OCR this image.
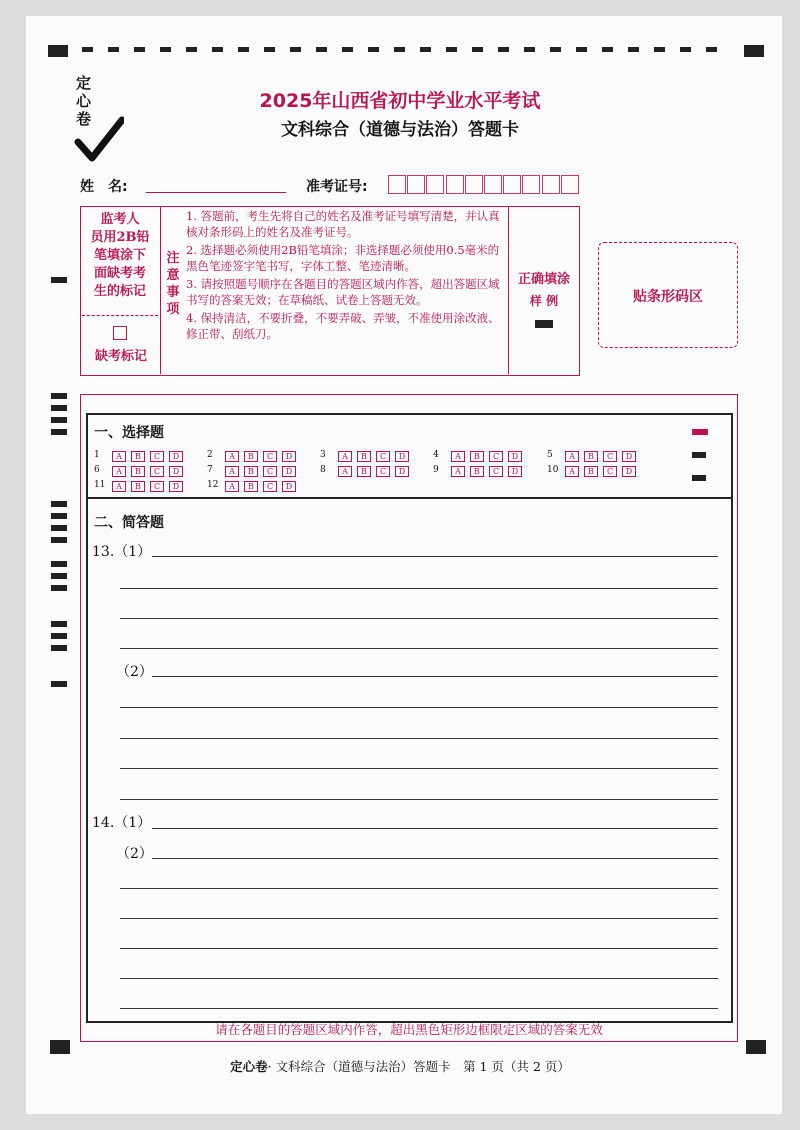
定
心
卷
2025年山西省初中学业水平考试
文科综合（道德与法治）答题卡
姓　名:	准考证号:
监考人
员用2B铅
笔填涂下
面缺考考
生的标记
缺考标记
注
意
事
项
1. 答题前，考生先将自己的姓名及准考证号填写清楚，并认真核对条形码上的姓名及准考证号。
2. 选择题必须使用2B铅笔填涂；非选择题必须使用0.5毫米的黑色笔迹签字笔书写，字体工整、笔迹清晰。
3. 请按照题号顺序在各题目的答题区域内作答，超出答题区域书写的答案无效；在草稿纸、试卷上答题无效。
4. 保持清洁，不要折叠，不要弄破、弄皱，不准使用涂改液、修正带、刮纸刀。
正确填涂
样 例	贴条形码区
一、选择题
1	A	B	C	D	2	A	B	C	D	3	A	B	C	D	4	A	B	C	D	5	A	B	C	D
6	A	B	C	D	7	A	B	C	D	8	A	B	C	D	9	A	B	C	D	10	A	B	C	D
11	A	B	C	D	12	A	B	C	D
二、简答题
13.（1）
（2）
14.（1）
（2）
请在各题目的答题区域内作答，超出黑色矩形边框限定区域的答案无效
定心卷· 文科综合（道德与法治）答题卡　第 1 页（共 2 页）
